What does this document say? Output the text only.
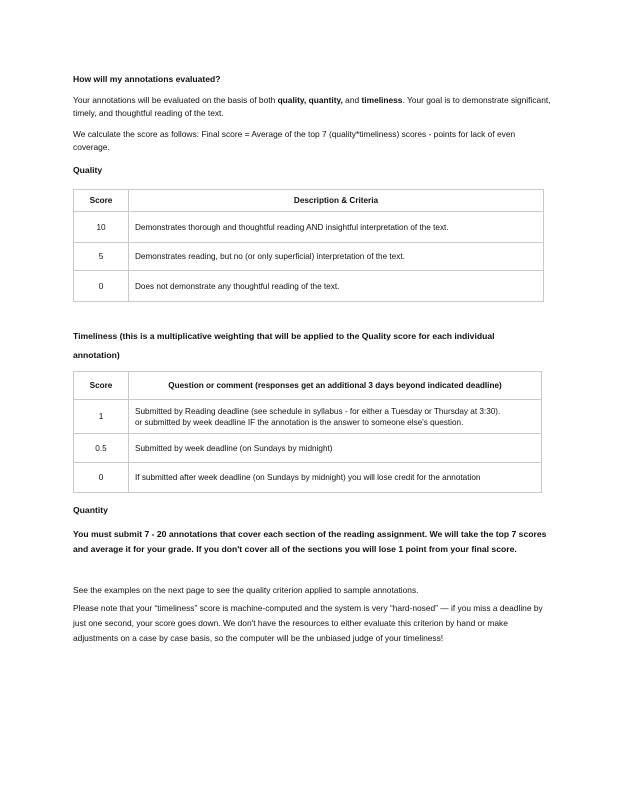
How will my annotations evaluated?
Your annotations will be evaluated on the basis of both quality, quantity, and timeliness. Your goal is to demonstrate significant, timely, and thoughtful reading of the text.
We calculate the score as follows: Final score = Average of the top 7 (quality*timeliness) scores - points for lack of even coverage.
Quality
Score	Description & Criteria
10	Demonstrates thorough and thoughtful reading AND insightful interpretation of the text.
5	Demonstrates reading, but no (or only superficial) interpretation of the text.
0	Does not demonstrate any thoughtful reading of the text.
Timeliness (this is a multiplicative weighting that will be applied to the Quality score for each individual annotation)
Score	Question or comment (responses get an additional 3 days beyond indicated deadline)
1	Submitted by Reading deadline (see schedule in syllabus - for either a Tuesday or Thursday at 3:30).
or submitted by week deadline IF the annotation is the answer to someone else's question.

0.5	Submitted by week deadline (on Sundays by midnight)
0	If submitted after week deadline (on Sundays by midnight) you will lose credit for the annotation
Quantity
You must submit 7 - 20 annotations that cover each section of the reading assignment. We will take the top 7 scores and average it for your grade. If you don't cover all of the sections you will lose 1 point from your final score.
See the examples on the next page to see the quality criterion applied to sample annotations.
Please note that your “timeliness” score is machine-computed and the system is very “hard-nosed” — if you miss a deadline by just one second, your score goes down. We don't have the resources to either evaluate this criterion by hand or make adjustments on a case by case basis, so the computer will be the unbiased judge of your timeliness!
